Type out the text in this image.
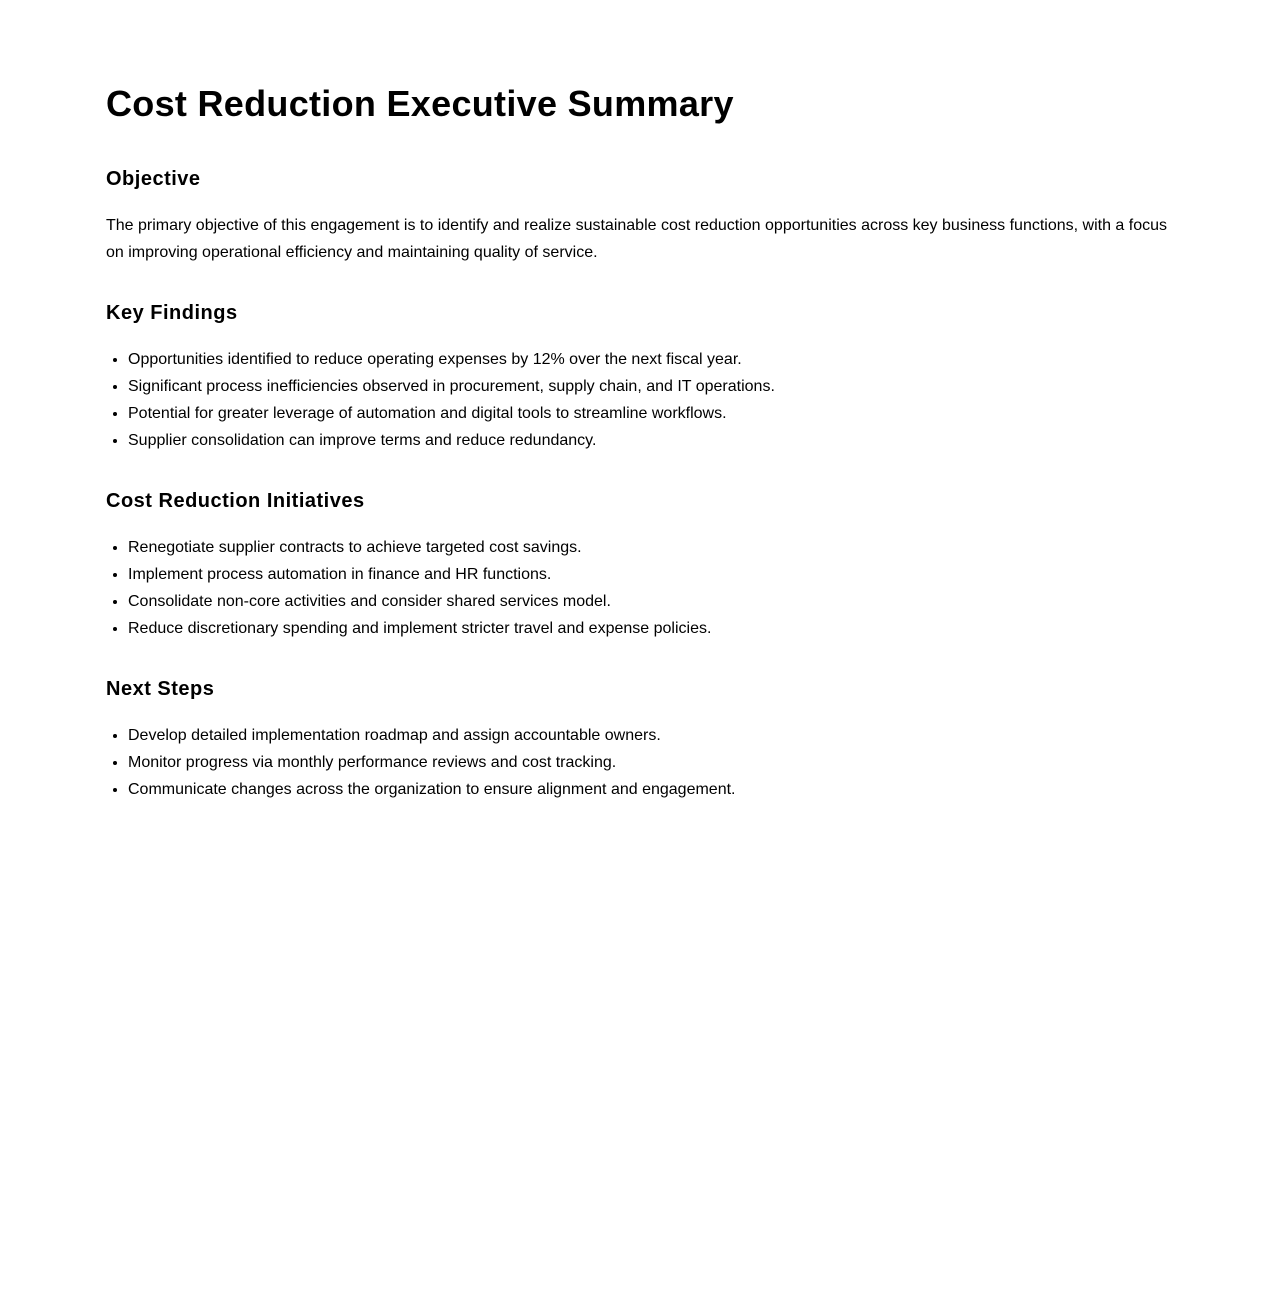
Cost Reduction Executive Summary
Objective

The primary objective of this engagement is to identify and realize sustainable cost reduction opportunities across key business functions, with a focus on improving operational efficiency and maintaining quality of service.

Key Findings
• Opportunities identified to reduce operating expenses by 12% over the next fiscal year.
• Significant process inefficiencies observed in procurement, supply chain, and IT operations.
• Potential for greater leverage of automation and digital tools to streamline workflows.
• Supplier consolidation can improve terms and reduce redundancy.
Cost Reduction Initiatives
• Renegotiate supplier contracts to achieve targeted cost savings.
• Implement process automation in finance and HR functions.
• Consolidate non-core activities and consider shared services model.
• Reduce discretionary spending and implement stricter travel and expense policies.
Next Steps
• Develop detailed implementation roadmap and assign accountable owners.
• Monitor progress via monthly performance reviews and cost tracking.
• Communicate changes across the organization to ensure alignment and engagement.
